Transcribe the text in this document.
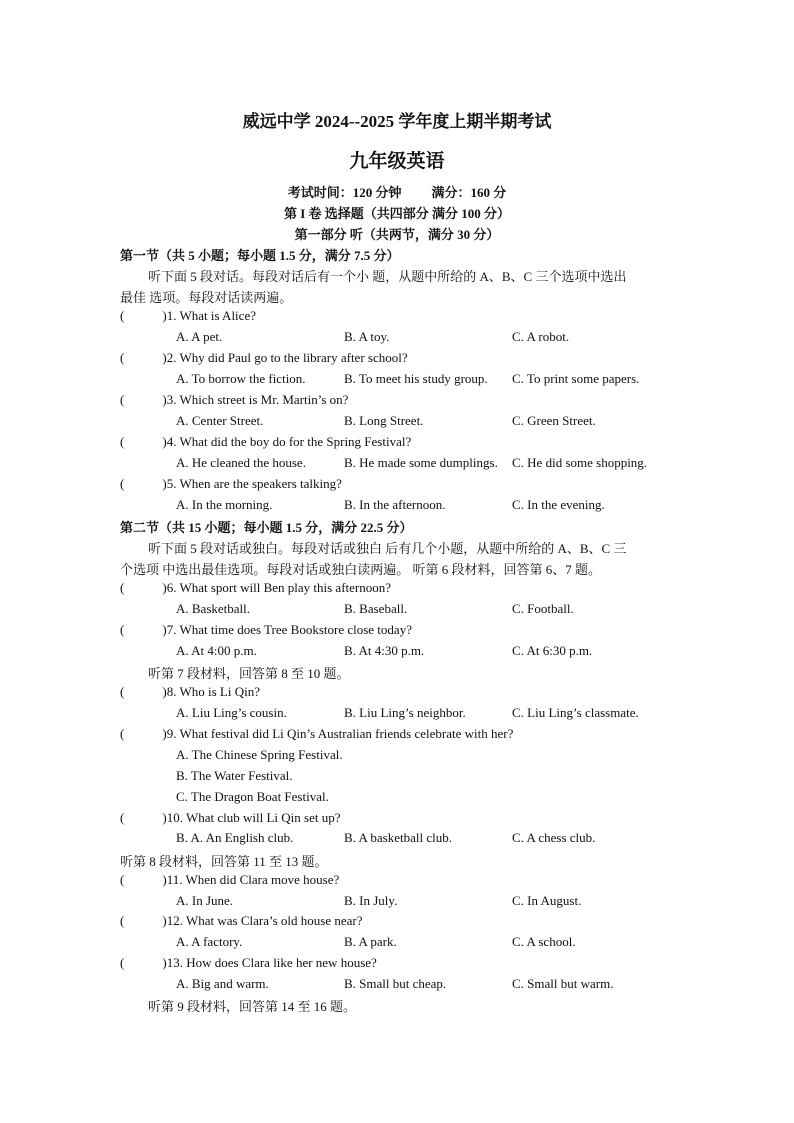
威远中学 2024--2025 学年度上期半期考试
九年级英语
考试时间：120 分钟 满分：160 分
第 I 卷 选择题（共四部分 满分 100 分）
第一部分 听（共两节，满分 30 分）
第一节（共 5 小题；每小题 1.5 分，满分 7.5 分）
听下面 5 段对话。每段对话后有一个小 题，从题中所给的 A、B、C 三个选项中选出
最佳 选项。每段对话读两遍。
(	)1. What is Alice?
A. A pet.	B. A toy.	C. A robot.
(	)2. Why did Paul go to the library after school?
A. To borrow the fiction.	B. To meet his study group. C. To print some papers.
(	)3. Which street is Mr. Martin’s on?
A. Center Street.	B. Long Street.	C. Green Street.
(	)4. What did the boy do for the Spring Festival?
A. He cleaned the house.	B. He made some dumplings. C. He did some shopping.
(	)5. When are the speakers talking?
A. In the morning.	B. In the afternoon.	C. In the evening.
第二节（共 15 小题；每小题 1.5 分，满分 22.5 分）
听下面 5 段对话或独白。每段对话或独白 后有几个小题，从题中所给的 A、B、C 三
个选项 中选出最佳选项。每段对话或独白读两遍。 听第 6 段材料，回答第 6、7 题。
(	)6. What sport will Ben play this afternoon?
A. Basketball.	B. Baseball.	C. Football.
(	)7. What time does Tree Bookstore close today?
A. At 4:00 p.m.	B. At 4:30 p.m.	C. At 6:30 p.m.
听第 7 段材料，回答第 8 至 10 题。
(	)8. Who is Li Qin?
A. Liu Ling’s cousin.	B. Liu Ling’s neighbor.	C. Liu Ling’s classmate.
(	)9. What festival did Li Qin’s Australian friends celebrate with her?
A. The Chinese Spring Festival.
B. The Water Festival.
C. The Dragon Boat Festival.
(	)10. What club will Li Qin set up?
B. A. An English club.	B. A basketball club.	C. A chess club.
听第 8 段材料，回答第 11 至 13 题。
(	)11. When did Clara move house?
A. In June.	B. In July.	C. In August.
(	)12. What was Clara’s old house near?
A. A factory.	B. A park.	C. A school.
(	)13. How does Clara like her new house?
A. Big and warm.	B. Small but cheap.	C. Small but warm.
听第 9 段材料，回答第 14 至 16 题。
